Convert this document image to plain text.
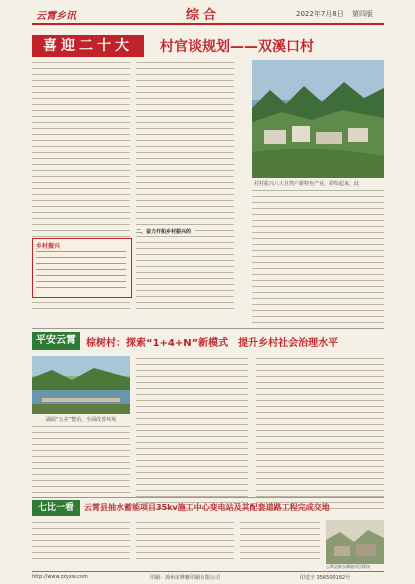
云霄乡讯	综合	2022年7月8日 第四版
喜迎二十大	村官谈规划——双溪口村
村村振兴八大自然户新特色产业，彩纷起来，此
二、奋力开拓乡村振兴的
乡村振兴
平安云霄	棕树村：探索“1+4+N”新模式　提升乡村社会治理水平
湖面“五美”整治，全面改善环境
七比一看	云霄县抽水蓄能项目35kv施工中心变电站及其配套道路工程完成交地
云霄县抽水蓄能项目现场
http://www.zzyxw.com	印刷：漳州市铧雅印刷有限公司	印送字 356500182号
